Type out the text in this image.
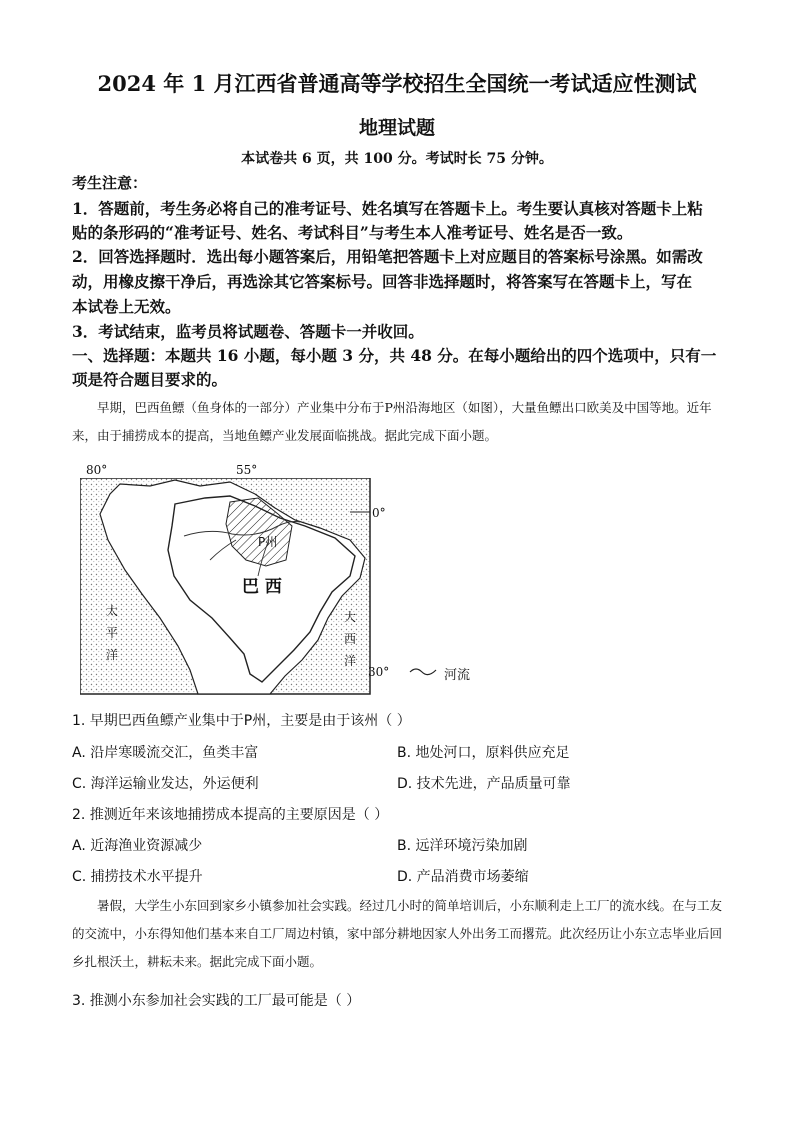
2024 年 1 月江西省普通高等学校招生全国统一考试适应性测试
地理试题
本试卷共 6 页，共 100 分。考试时长 75 分钟。
考生注意：
1．答题前，考生务必将自己的准考证号、姓名填写在答题卡上。考生要认真核对答题卡上粘
贴的条形码的“准考证号、姓名、考试科目”与考生本人准考证号、姓名是否一致。
2．回答选择题时．选出每小题答案后，用铅笔把答题卡上对应题目的答案标号涂黑。如需改
动，用橡皮擦干净后，再选涂其它答案标号。回答非选择题时，将答案写在答题卡上，写在
本试卷上无效。
3．考试结束，监考员将试题卷、答题卡一并收回。
一、选择题：本题共 16 小题，每小题 3 分，共 48 分。在每小题给出的四个选项中，只有一
项是符合题目要求的。
早期，巴西鱼鳔（鱼身体的一部分）产业集中分布于P州沿海地区（如图），大量鱼鳔出口欧美及中国等地。近年来，由于捕捞成本的提高，当地鱼鳔产业发展面临挑战。据此完成下面小题。
80°	55°
0°
30°
P州
巴 西
太
平
洋
大
西
洋
河流
1. 早期巴西鱼鳔产业集中于P州，主要是由于该州（ ）
A. 沿岸寒暖流交汇，鱼类丰富	B. 地处河口，原料供应充足
C. 海洋运输业发达，外运便利	D. 技术先进，产品质量可靠
2. 推测近年来该地捕捞成本提高的主要原因是（ ）
A. 近海渔业资源减少	B. 远洋环境污染加剧
C. 捕捞技术水平提升	D. 产品消费市场萎缩
暑假，大学生小东回到家乡小镇参加社会实践。经过几小时的简单培训后，小东顺利走上工厂的流水线。在与工友的交流中，小东得知他们基本来自工厂周边村镇，家中部分耕地因家人外出务工而撂荒。此次经历让小东立志毕业后回乡扎根沃土，耕耘未来。据此完成下面小题。
3. 推测小东参加社会实践的工厂最可能是（ ）
